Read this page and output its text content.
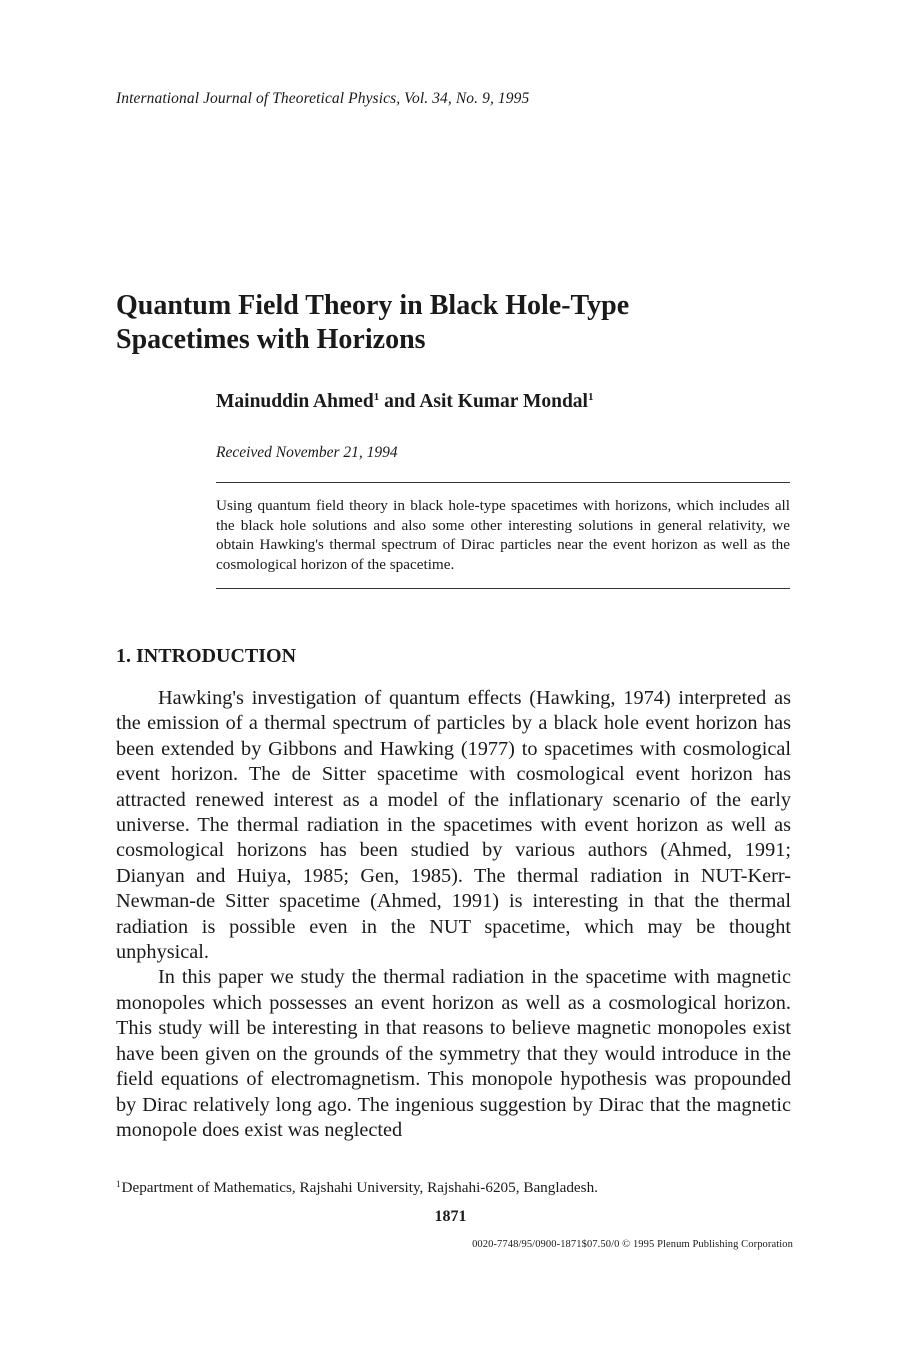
International Journal of Theoretical Physics, Vol. 34, No. 9, 1995
Quantum Field Theory in Black Hole-Type
Spacetimes with Horizons
Mainuddin Ahmed$^1$ and Asit Kumar Mondal$^1$
Received November 21, 1994

Using quantum field theory in black hole-type spacetimes with horizons, which includes all the black hole solutions and also some other interesting solutions in general relativity, we obtain Hawking's thermal spectrum of Dirac particles near the event horizon as well as the cosmological horizon of the spacetime.

1. INTRODUCTION

Hawking's investigation of quantum effects (Hawking, 1974) interpreted as the emission of a thermal spectrum of particles by a black hole event horizon has been extended by Gibbons and Hawking (1977) to spacetimes with cosmological event horizon. The de Sitter spacetime with cosmological event horizon has attracted renewed interest as a model of the inflationary scenario of the early universe. The thermal radiation in the spacetimes with event horizon as well as cosmological horizons has been studied by various authors (Ahmed, 1991; Dianyan and Huiya, 1985; Gen, 1985). The thermal radiation in NUT-Kerr-Newman-de Sitter spacetime (Ahmed, 1991) is interesting in that the thermal radiation is possible even in the NUT spacetime, which may be thought unphysical.

In this paper we study the thermal radiation in the spacetime with magnetic monopoles which possesses an event horizon as well as a cosmological horizon. This study will be interesting in that reasons to believe magnetic monopoles exist have been given on the grounds of the symmetry that they would introduce in the field equations of electromagnetism. This monopole hypothesis was propounded by Dirac relatively long ago. The ingenious suggestion by Dirac that the magnetic monopole does exist was neglected

$^1$Department of Mathematics, Rajshahi University, Rajshahi-6205, Bangladesh.
1871
0020-7748/95/0900-1871$07.50/0 © 1995 Plenum Publishing Corporation
